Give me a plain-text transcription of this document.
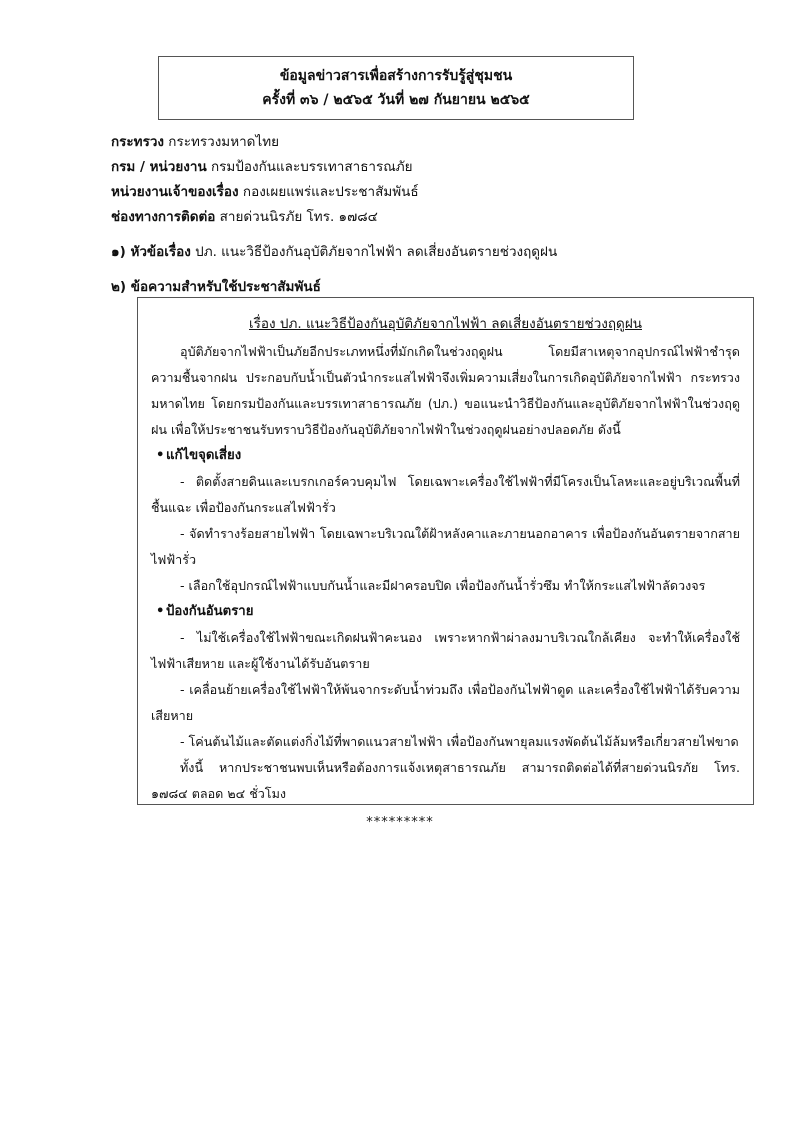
ข้อมูลข่าวสารเพื่อสร้างการรับรู้สู่ชุมชน
ครั้งที่ ๓๖ / ๒๕๖๕ วันที่ ๒๗ กันยายน ๒๕๖๕
กระทรวง กระทรวงมหาดไทย
กรม / หน่วยงาน กรมป้องกันและบรรเทาสาธารณภัย
หน่วยงานเจ้าของเรื่อง กองเผยแพร่และประชาสัมพันธ์
ช่องทางการติดต่อ สายด่วนนิรภัย โทร. ๑๗๘๔
๑) หัวข้อเรื่อง ปภ. แนะวิธีป้องกันอุบัติภัยจากไฟฟ้า ลดเสี่ยงอันตรายช่วงฤดูฝน
๒) ข้อความสำหรับใช้ประชาสัมพันธ์
เรื่อง ปภ. แนะวิธีป้องกันอุบัติภัยจากไฟฟ้า ลดเสี่ยงอันตรายช่วงฤดูฝน
อุบัติภัยจากไฟฟ้าเป็นภัยอีกประเภทหนึ่งที่มักเกิดในช่วงฤดูฝน โดยมีสาเหตุจากอุปกรณ์ไฟฟ้าชำรุด ความชื้นจากฝน ประกอบกับน้ำเป็นตัวนำกระแสไฟฟ้าจึงเพิ่มความเสี่ยงในการเกิดอุบัติภัยจากไฟฟ้า กระทรวงมหาดไทย โดยกรมป้องกันและบรรเทาสาธารณภัย (ปภ.) ขอแนะนำวิธีป้องกันและอุบัติภัยจากไฟฟ้าในช่วงฤดูฝน เพื่อให้ประชาชนรับทราบวิธีป้องกันอุบัติภัยจากไฟฟ้าในช่วงฤดูฝนอย่างปลอดภัย ดังนี้
• แก้ไขจุดเสี่ยง
- ติดตั้งสายดินและเบรกเกอร์ควบคุมไฟ โดยเฉพาะเครื่องใช้ไฟฟ้าที่มีโครงเป็นโลหะและอยู่บริเวณพื้นที่ชื้นแฉะ เพื่อป้องกันกระแสไฟฟ้ารั่ว
- จัดทำรางร้อยสายไฟฟ้า โดยเฉพาะบริเวณใต้ฝ้าหลังคาและภายนอกอาคาร เพื่อป้องกันอันตรายจากสายไฟฟ้ารั่ว
- เลือกใช้อุปกรณ์ไฟฟ้าแบบกันน้ำและมีฝาครอบปิด เพื่อป้องกันน้ำรั่วซึม ทำให้กระแสไฟฟ้าลัดวงจร
• ป้องกันอันตราย
- ไม่ใช้เครื่องใช้ไฟฟ้าขณะเกิดฝนฟ้าคะนอง เพราะหากฟ้าผ่าลงมาบริเวณใกล้เคียง จะทำให้เครื่องใช้ไฟฟ้าเสียหาย และผู้ใช้งานได้รับอันตราย
- เคลื่อนย้ายเครื่องใช้ไฟฟ้าให้พ้นจากระดับน้ำท่วมถึง เพื่อป้องกันไฟฟ้าดูด และเครื่องใช้ไฟฟ้าได้รับความเสียหาย
- โค่นต้นไม้และตัดแต่งกิ่งไม้ที่พาดแนวสายไฟฟ้า เพื่อป้องกันพายุลมแรงพัดต้นไม้ล้มหรือเกี่ยวสายไฟขาด
ทั้งนี้ หากประชาชนพบเห็นหรือต้องการแจ้งเหตุสาธารณภัย สามารถติดต่อได้ที่สายด่วนนิรภัย โทร. ๑๗๘๔ ตลอด ๒๔ ชั่วโมง
*********
